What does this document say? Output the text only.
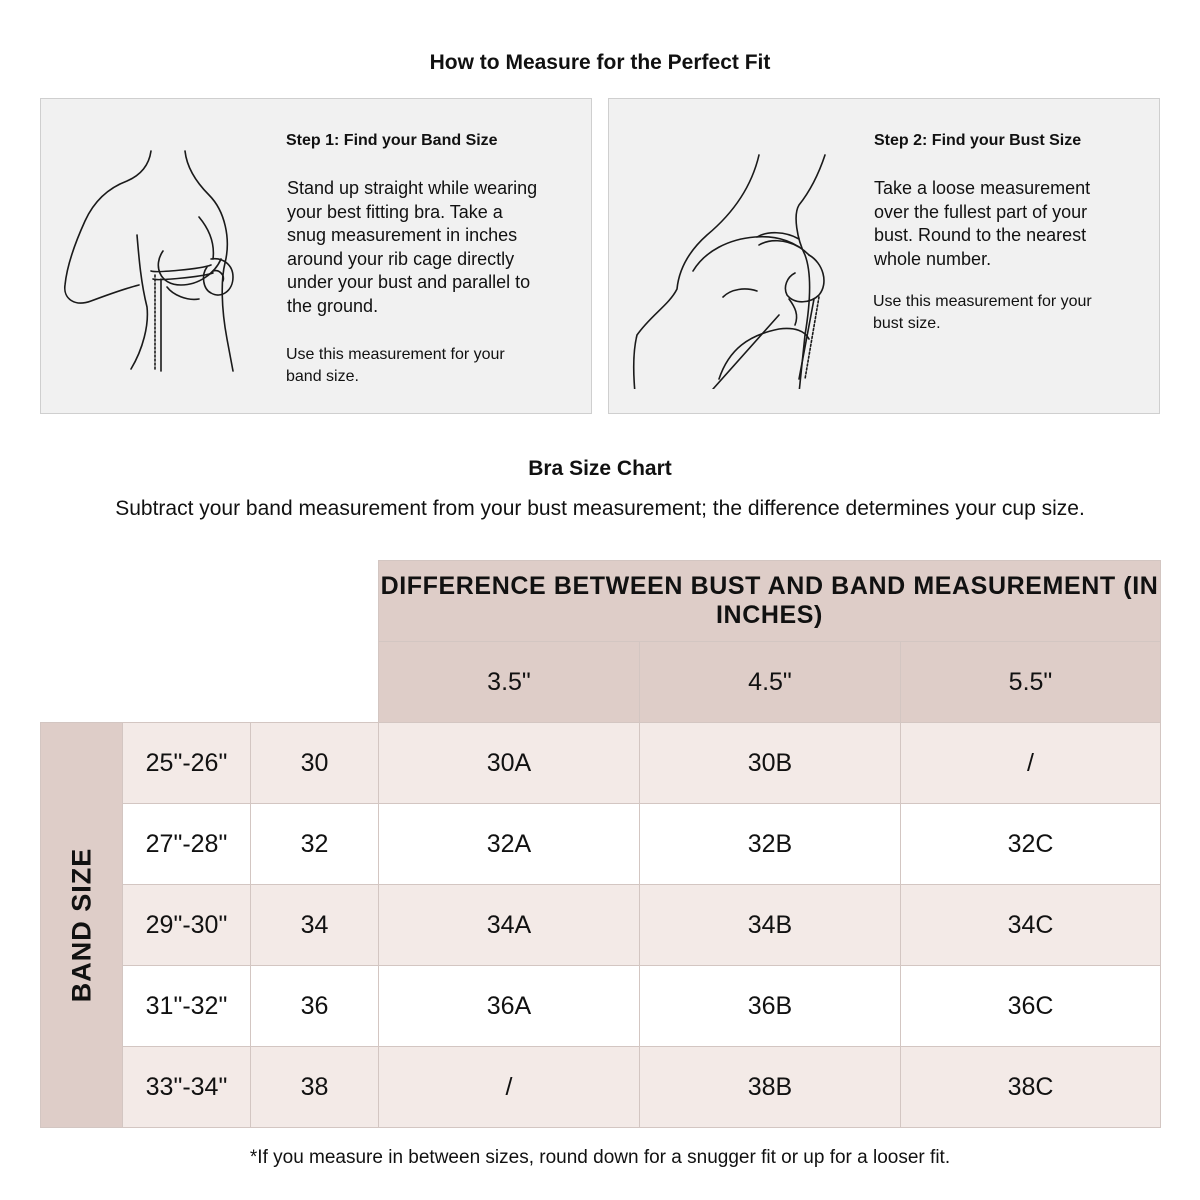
How to Measure for the Perfect Fit
Step 1: Find your Band Size
Stand up straight while wearing
your best fitting bra. Take a
snug measurement in inches
around your rib cage directly
under your bust and parallel to
the ground.
Use this measurement for your
band size.
Step 2: Find your Bust Size
Take a loose measurement
over the fullest part of your
bust. Round to the nearest
whole number.
Use this measurement for your
bust size.
Bra Size Chart
Subtract your band measurement from your bust measurement; the difference determines your cup size.
			DIFFERENCE BETWEEN BUST AND BAND MEASUREMENT (IN INCHES)		
			3.5"	4.5"	5.5"

BAND SIZE	25"-26"	30	30A	30B	/
	27"-28"	32	32A	32B	32C
	29"-30"	34	34A	34B	34C
	31"-32"	36	36A	36B	36C
	33"-34"	38	/	38B	38C
*If you measure in between sizes, round down for a snugger fit or up for a looser fit.
